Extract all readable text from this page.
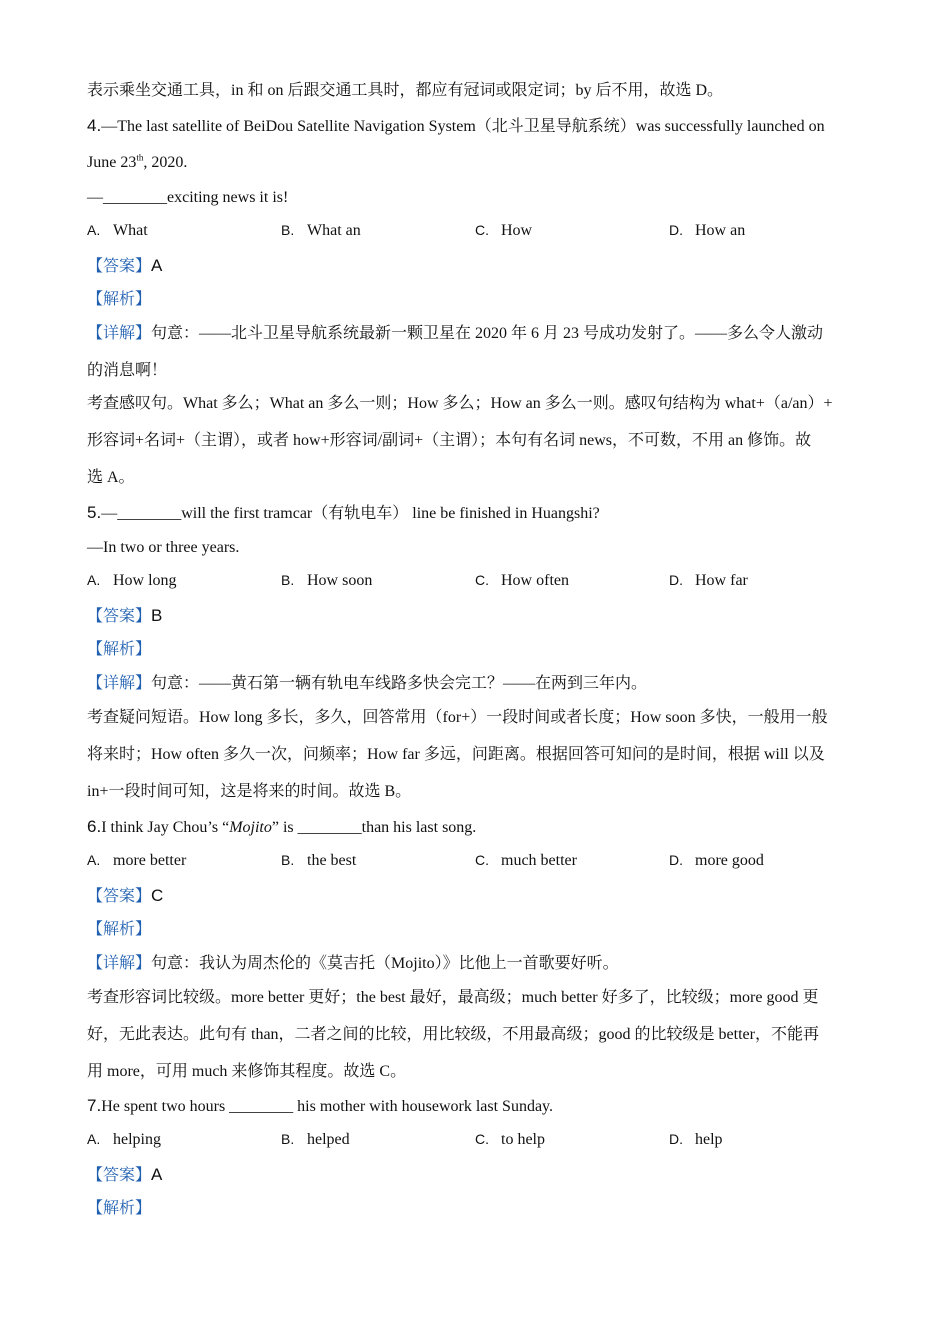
表示乘坐交通工具，in 和 on 后跟交通工具时，都应有冠词或限定词；by 后不用，故选 D。
4.—The last satellite of BeiDou Satellite Navigation System（北斗卫星导航系统）was successfully launched on
June 23th, 2020.
—________exciting news it is!
A. What	B. What an	C. How	D. How an
【答案】A
【解析】
【详解】句意：——北斗卫星导航系统最新一颗卫星在 2020 年 6 月 23 号成功发射了。——多么令人激动
的消息啊！
考查感叹句。What 多么；What an 多么一则；How 多么；How an 多么一则。感叹句结构为 what+（a/an）+
形容词+名词+（主谓），或者 how+形容词/副词+（主谓）；本句有名词 news，不可数，不用 an 修饰。故
选 A。
5.—________will the first tramcar（有轨电车） line be finished in Huangshi?
—In two or three years.
A. How long	B. How soon	C. How often	D. How far
【答案】B
【解析】
【详解】句意：——黄石第一辆有轨电车线路多快会完工？——在两到三年内。
考查疑问短语。How long 多长，多久，回答常用（for+）一段时间或者长度；How soon 多快，一般用一般
将来时；How often 多久一次，问频率；How far 多远，问距离。根据回答可知问的是时间，根据 will 以及
in+一段时间可知，这是将来的时间。故选 B。
6.I think Jay Chou’s “Mojito” is ________than his last song.
A. more better	B. the best	C. much better	D. more good
【答案】C
【解析】
【详解】句意：我认为周杰伦的《莫吉托（Mojito）》比他上一首歌要好听。
考查形容词比较级。more better 更好；the best 最好，最高级；much better 好多了，比较级；more good 更
好，无此表达。此句有 than，二者之间的比较，用比较级，不用最高级；good 的比较级是 better，不能再
用 more，可用 much 来修饰其程度。故选 C。
7.He spent two hours ________ his mother with housework last Sunday.
A. helping	B. helped	C. to help	D. help
【答案】A
【解析】
